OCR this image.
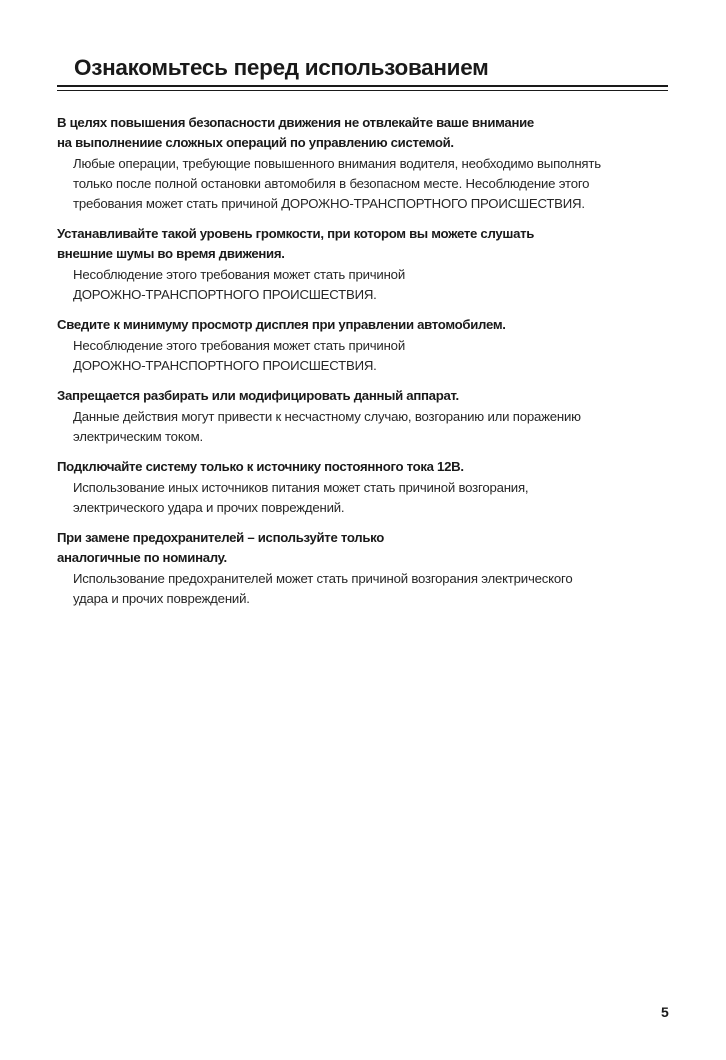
Ознакомьтесь перед использованием
В целях повышения безопасности движения не отвлекайте ваше внимание
на выполнениие сложных операций по управлению системой.
Любые операции, требующие повышенного внимания водителя, необходимо выполнять
только после полной остановки автомобиля в безопасном месте. Несоблюдение этого
требования может стать причиной ДОРОЖНО-ТРАНСПОРТНОГО ПРОИСШЕСТВИЯ.
Устанавливайте такой уровень громкости, при котором вы можете слушать
внешние шумы во время движения.
Несоблюдение этого требования может стать причиной
ДОРОЖНО-ТРАНСПОРТНОГО ПРОИСШЕСТВИЯ.
Сведите к минимуму просмотр дисплея при управлении автомобилем.
Несоблюдение этого требования может стать причиной
ДОРОЖНО-ТРАНСПОРТНОГО ПРОИСШЕСТВИЯ.
Запрещается разбирать или модифицировать данный аппарат.
Данные действия могут привести к несчастному случаю, возгоранию или поражению
электрическим током.
Подключайте систему только к источнику постоянного тока 12В.
Использование иных источников питания может стать причиной возгорания,
электрического удара и прочих повреждений.
При замене предохранителей – используйте только
аналогичные по номиналу.
Использование предохранителей может стать причиной возгорания электрического
удара и прочих повреждений.
5
